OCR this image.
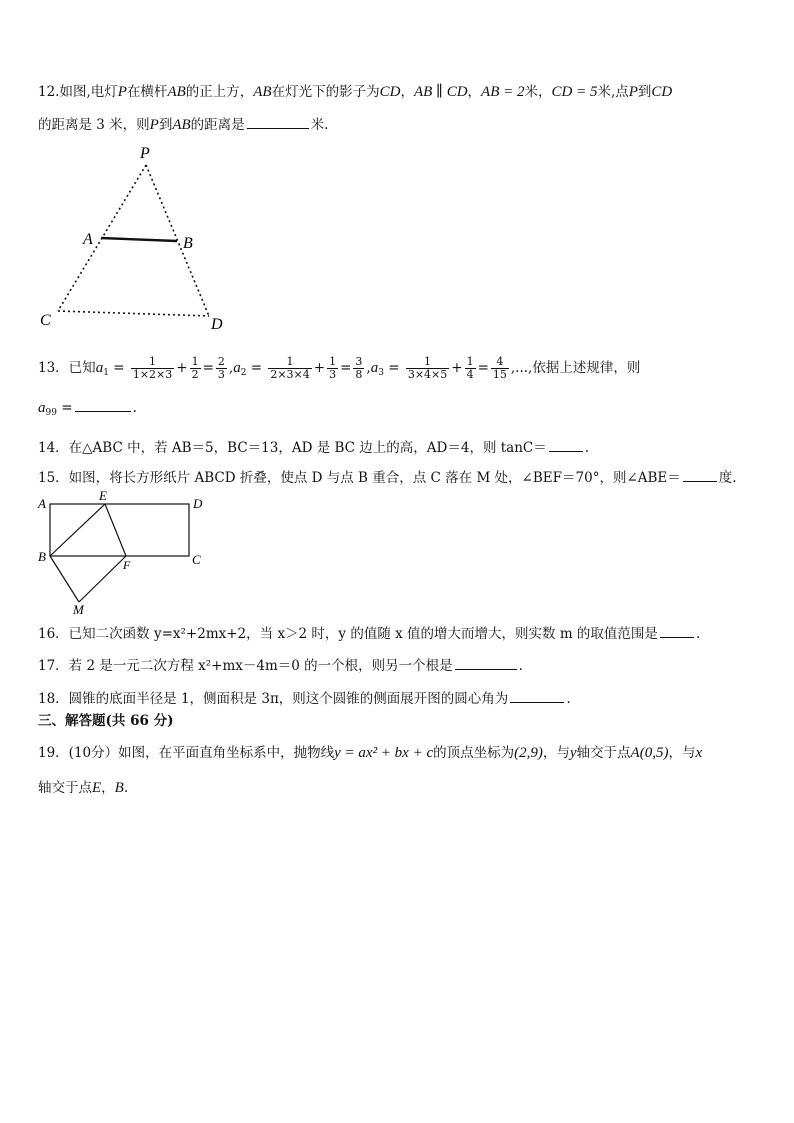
12.如图,电灯P在横杆AB的正上方，AB在灯光下的影子为CD，AB ∥ CD，AB = 2米，CD = 5米,点P到CD
的距离是 3 米，则P到AB的距离是	米.
P
A	B
C	D
13．已知$a_1 = \frac{1}{1\times 2\times 3} + \frac{1}{2} = \frac{2}{3} ,a_2 = \frac{1}{2\times 3\times 4} + \frac{1}{3} = \frac{3}{8} ,a_3 = \frac{1}{3\times 4\times 5} + \frac{1}{4} = \frac{4}{15}$ ,...,依据上述规律，则
$a_{99}$ =	.
14．在△ABC 中，若 AB＝5，BC＝13，AD 是 BC 边上的高，AD＝4，则 tanC＝	.
15．如图，将长方形纸片 ABCD 折叠，使点 D 与点 B 重合，点 C 落在 M 处，∠BEF＝70°，则∠ABE＝	度.
A
E
D
B
F	C
M
16．已知二次函数 y=x²+2mx+2，当 x＞2 时，y 的值随 x 值的增大而增大，则实数 m 的取值范围是	.
17．若 2 是一元二次方程 x²+mx－4m＝0 的一个根，则另一个根是	.
18．圆锥的底面半径是 1，侧面积是 3π，则这个圆锥的侧面展开图的圆心角为	.
三、解答题(共 66 分)
19．(10分）如图，在平面直角坐标系中，抛物线y = ax² + bx + c的顶点坐标为(2,9)，与y轴交于点A(0,5)，与x
轴交于点E，B.
